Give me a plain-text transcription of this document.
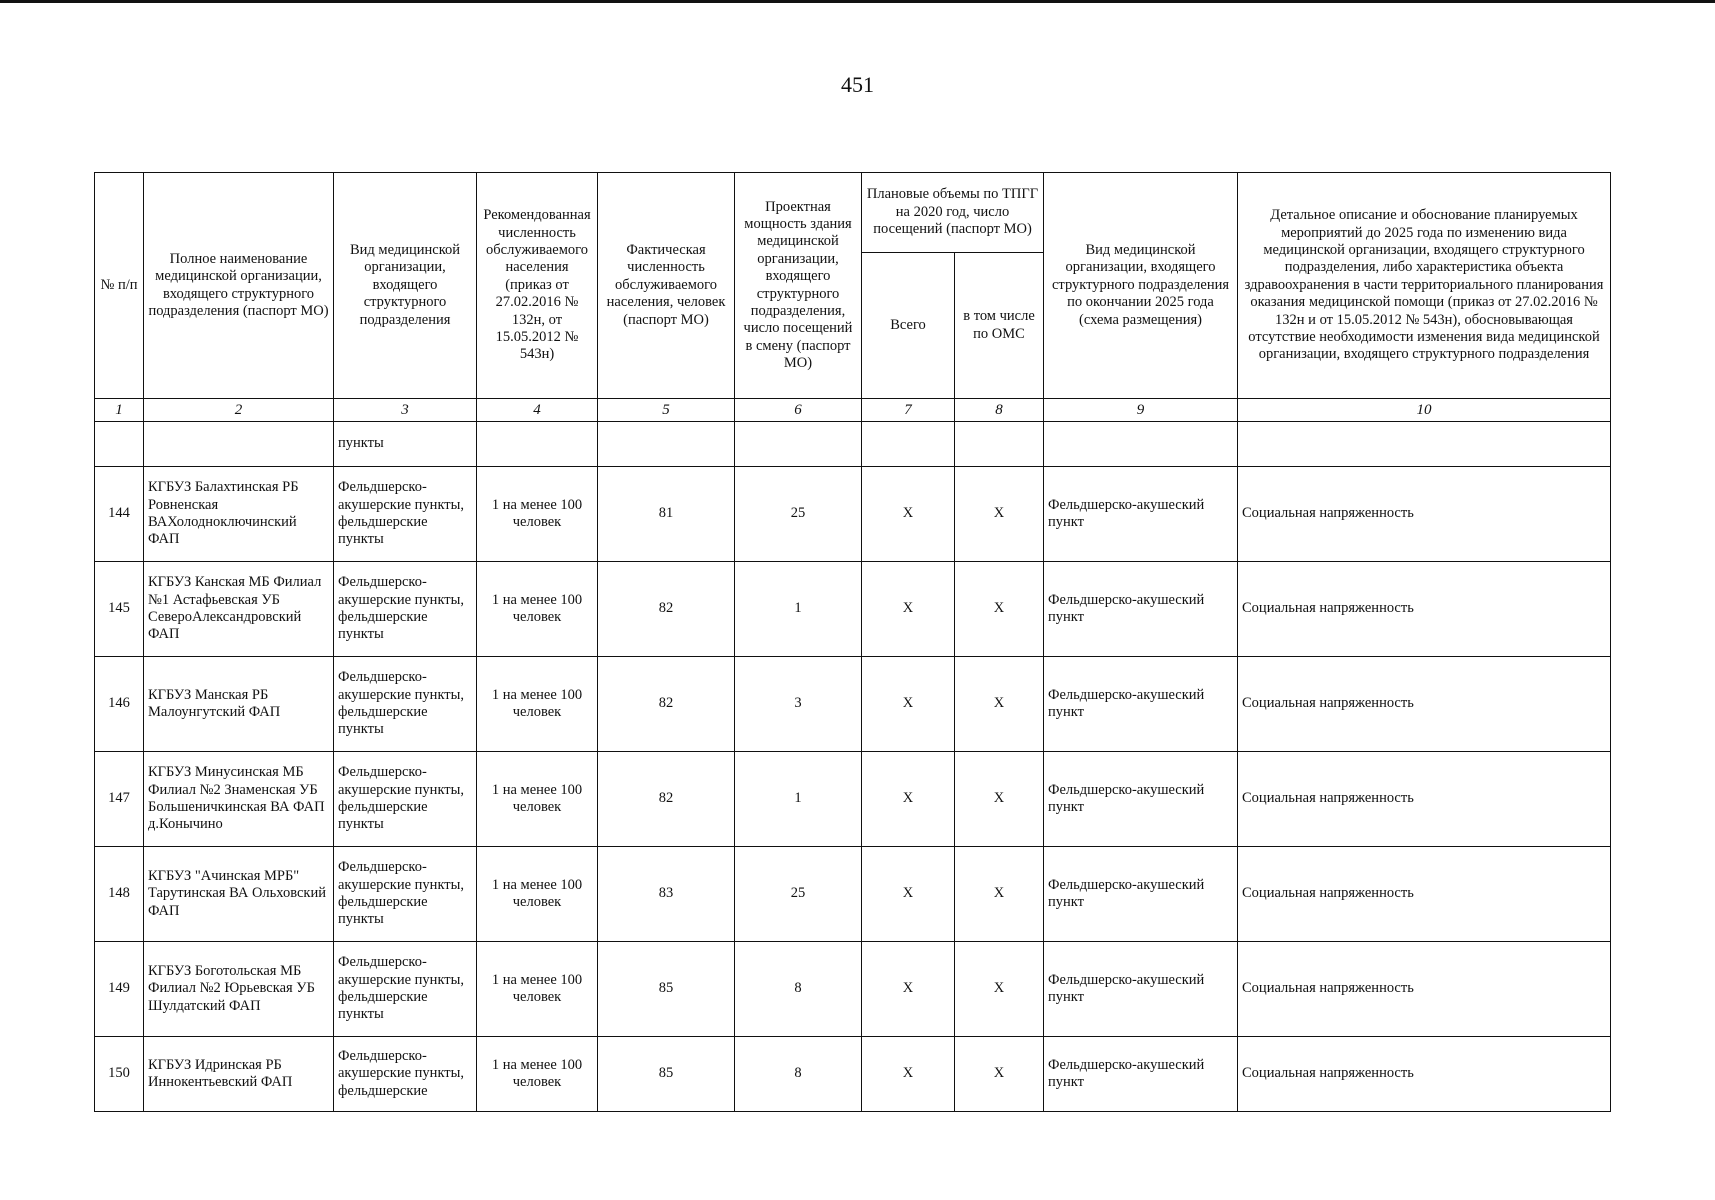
451
№ п/п	Полное наименование медицинской организации, входящего структурного подразделения (паспорт МО)	Вид медицинской организации, входящего структурного подразделения	Рекомендованная численность обслуживаемого населения (приказ от 27.02.2016 № 132н, от 15.05.2012 № 543н)	Фактическая численность обслуживаемого населения, человек (паспорт МО)	Проектная мощность здания медицинской организации, входящего структурного подразделения, число посещений в смену (паспорт МО)	Плановые объемы по ТПГГ на 2020 год, число посещений (паспорт МО)		Вид медицинской организации, входящего структурного подразделения по окончании 2025 года (схема размещения)	Детальное описание и обоснование планируемых мероприятий до 2025 года по изменению вида медицинской организации, входящего структурного подразделения, либо характеристика объекта здравоохранения в части территориального планирования оказания медицинской помощи (приказ от 27.02.2016 № 132н и от 15.05.2012 № 543н), обосновывающая отсутствие необходимости изменения вида медицинской организации, входящего структурного подразделения
						Всего	в том числе по ОМС		
1	2	3	4	5	6	7	8	9	10
		пункты							
144	КГБУЗ Балахтинская РБ Ровненская ВАХолодноключинский ФАП	Фельдшерско-акушерские пункты, фельдшерские пункты	1 на менее 100 человек	81	25	X	X	Фельдшерско-акушеский пункт	Социальная напряженность
145	КГБУЗ Канская МБ Филиал №1 Астафьевская УБ СевероАлександровский ФАП	Фельдшерско-акушерские пункты, фельдшерские пункты	1 на менее 100 человек	82	1	X	X	Фельдшерско-акушеский пункт	Социальная напряженность
146	КГБУЗ Манская РБ Малоунгутский ФАП	Фельдшерско-акушерские пункты, фельдшерские пункты	1 на менее 100 человек	82	3	X	X	Фельдшерско-акушеский пункт	Социальная напряженность
147	КГБУЗ Минусинская МБ Филиал №2 Знаменская УБ Большеничкинская ВА ФАП д.Конычино	Фельдшерско-акушерские пункты, фельдшерские пункты	1 на менее 100 человек	82	1	X	X	Фельдшерско-акушеский пункт	Социальная напряженность
148	КГБУЗ "Ачинская МРБ" Тарутинская ВА Ольховский ФАП	Фельдшерско-акушерские пункты, фельдшерские пункты	1 на менее 100 человек	83	25	X	X	Фельдшерско-акушеский пункт	Социальная напряженность
149	КГБУЗ Боготольская МБ Филиал №2 Юрьевская УБ Шулдатский ФАП	Фельдшерско-акушерские пункты, фельдшерские пункты	1 на менее 100 человек	85	8	X	X	Фельдшерско-акушеский пункт	Социальная напряженность
150	КГБУЗ Идринская РБ Иннокентьевский ФАП	Фельдшерско-акушерские пункты, фельдшерские	1 на менее 100 человек	85	8	X	X	Фельдшерско-акушеский пункт	Социальная напряженность
